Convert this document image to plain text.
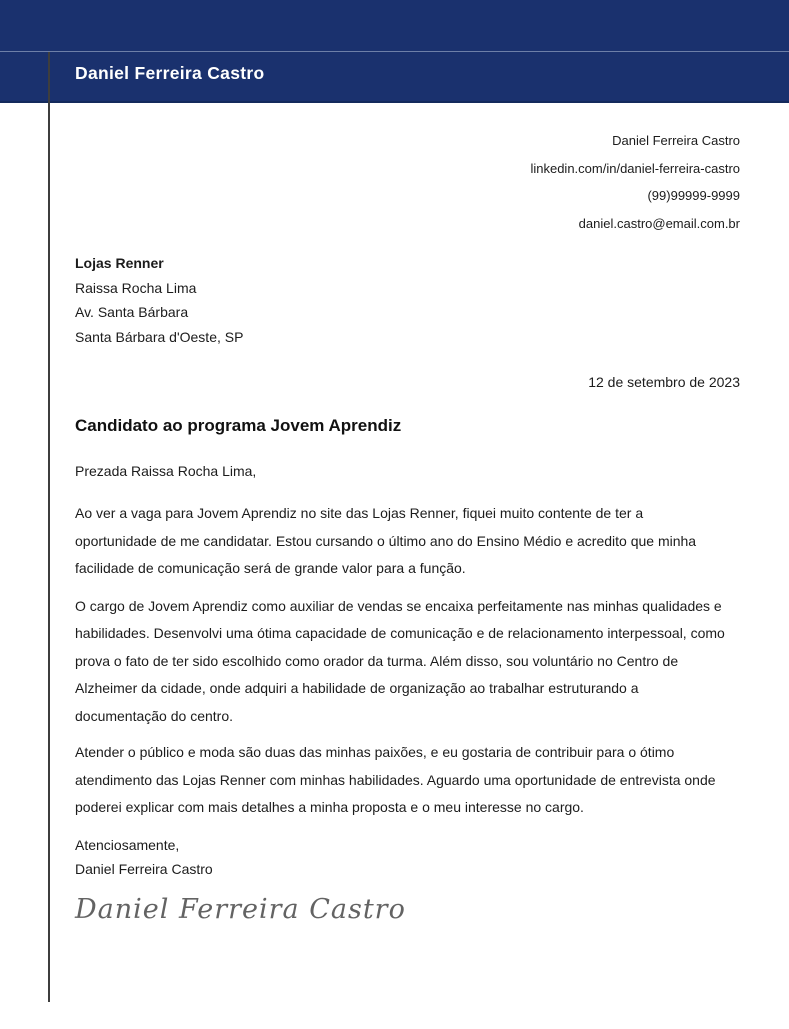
Daniel Ferreira Castro
Daniel Ferreira Castro
linkedin.com/in/daniel-ferreira-castro
(99)99999-9999
daniel.castro@email.com.br
Lojas Renner
Raissa Rocha Lima
Av. Santa Bárbara
Santa Bárbara d'Oeste, SP
12 de setembro de 2023
Candidato ao programa Jovem Aprendiz
Prezada Raissa Rocha Lima,
Ao ver a vaga para Jovem Aprendiz no site das Lojas Renner, fiquei muito contente de ter a
oportunidade de me candidatar. Estou cursando o último ano do Ensino Médio e acredito que minha
facilidade de comunicação será de grande valor para a função.
O cargo de Jovem Aprendiz como auxiliar de vendas se encaixa perfeitamente nas minhas qualidades e
habilidades. Desenvolvi uma ótima capacidade de comunicação e de relacionamento interpessoal, como
prova o fato de ter sido escolhido como orador da turma. Além disso, sou voluntário no Centro de
Alzheimer da cidade, onde adquiri a habilidade de organização ao trabalhar estruturando a
documentação do centro.
Atender o público e moda são duas das minhas paixões, e eu gostaria de contribuir para o ótimo
atendimento das Lojas Renner com minhas habilidades. Aguardo uma oportunidade de entrevista onde
poderei explicar com mais detalhes a minha proposta e o meu interesse no cargo.
Atenciosamente,
Daniel Ferreira Castro
Daniel Ferreira Castro
